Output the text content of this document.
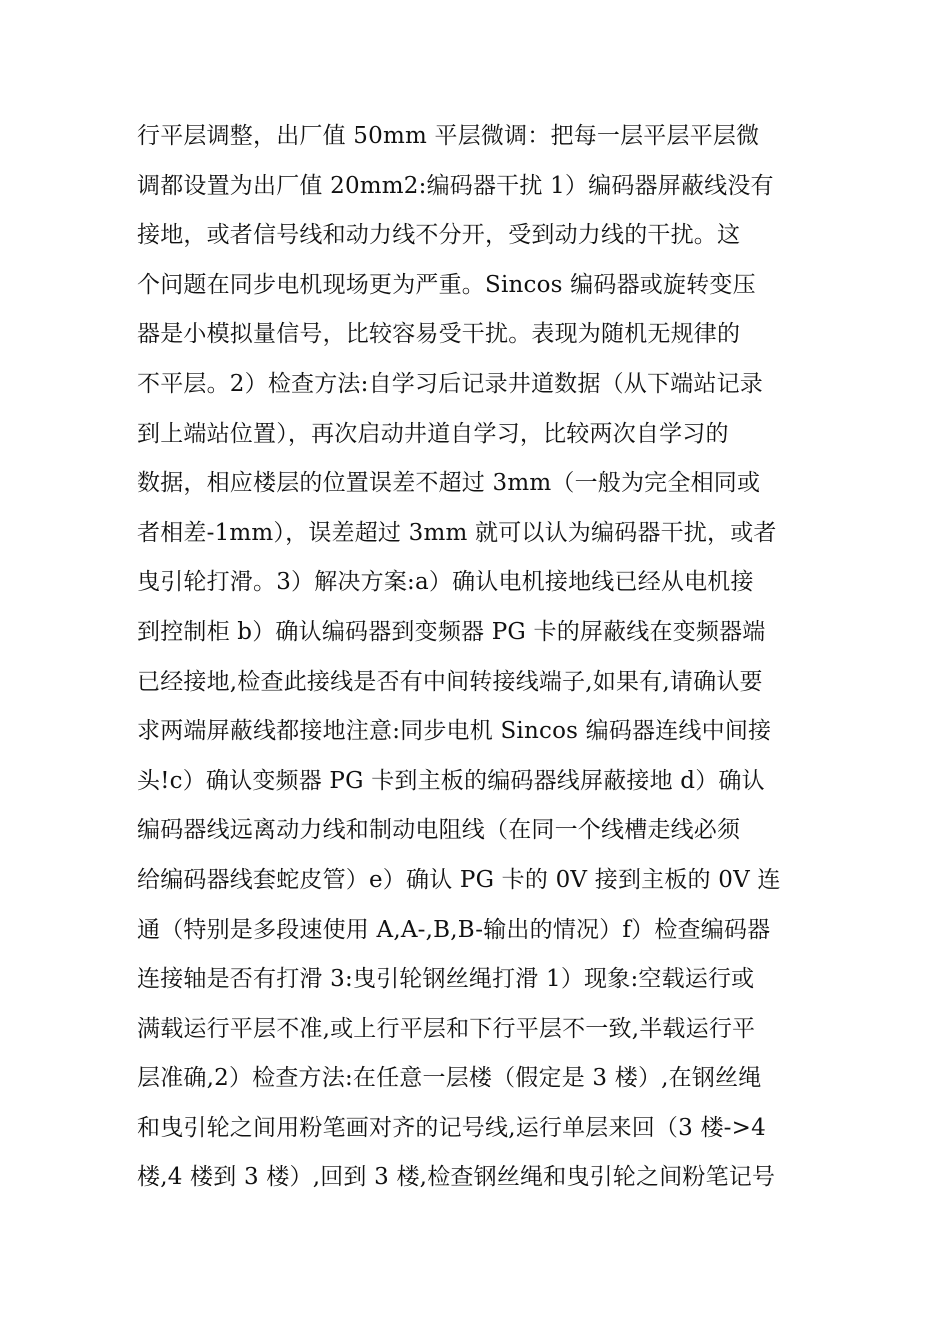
行平层调整，出厂值 50mm 平层微调：把每一层平层平层微
调都设置为出厂值 20mm2:编码器干扰 1）编码器屏蔽线没有
接地，或者信号线和动力线不分开，受到动力线的干扰。这
个问题在同步电机现场更为严重。Sincos 编码器或旋转变压
器是小模拟量信号，比较容易受干扰。表现为随机无规律的
不平层。2）检查方法:自学习后记录井道数据（从下端站记录
到上端站位置），再次启动井道自学习，比较两次自学习的
数据，相应楼层的位置误差不超过 3mm（一般为完全相同或
者相差-1mm），误差超过 3mm 就可以认为编码器干扰，或者
曳引轮打滑。3）解决方案:a）确认电机接地线已经从电机接
到控制柜 b）确认编码器到变频器 PG 卡的屏蔽线在变频器端
已经接地,检查此接线是否有中间转接线端子,如果有,请确认要
求两端屏蔽线都接地注意:同步电机 Sincos 编码器连线中间接
头!c）确认变频器 PG 卡到主板的编码器线屏蔽接地 d）确认
编码器线远离动力线和制动电阻线（在同一个线槽走线必须
给编码器线套蛇皮管）e）确认 PG 卡的 0V 接到主板的 0V 连
通（特别是多段速使用 A,A-,B,B-输出的情况）f）检查编码器
连接轴是否有打滑 3:曳引轮钢丝绳打滑 1）现象:空载运行或
满载运行平层不准,或上行平层和下行平层不一致,半载运行平
层准确,2）检查方法:在任意一层楼（假定是 3 楼）,在钢丝绳
和曳引轮之间用粉笔画对齐的记号线,运行单层来回（3 楼->4
楼,4 楼到 3 楼）,回到 3 楼,检查钢丝绳和曳引轮之间粉笔记号
